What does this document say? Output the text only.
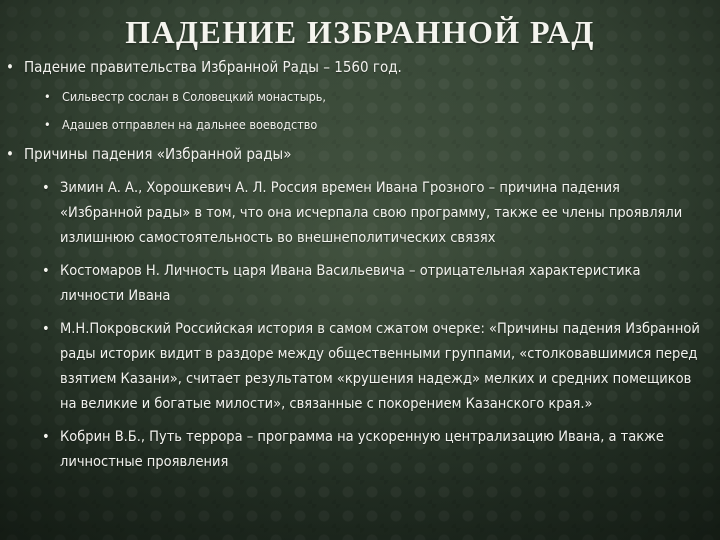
ПАДЕНИЕ ИЗБРАННОЙ РАД
• Падение правительства Избранной Рады – 1560 год.
• Сильвестр сослан в Соловецкий монастырь,
• Адашев отправлен на дальнее воеводство
• Причины падения «Избранной рады»
• Зимин А. А., Хорошкевич А. Л. Россия времен Ивана Грозного – причина падения «Избранной рады» в том, что она исчерпала свою программу, также ее члены проявляли излишнюю самостоятельность во внешнеполитических связях
• Костомаров Н. Личность царя Ивана Васильевича – отрицательная характеристика личности Ивана
• М.Н.Покровский Российская история в самом сжатом очерке: «Причины падения Избранной рады историк видит в раздоре между общественными группами, «столковавшимися перед взятием Казани», считает результатом «крушения надежд» мелких и средних помещиков на великие и богатые милости», связанные с покорением Казанского края.»
• Кобрин В.Б., Путь террора – программа на ускоренную централизацию Ивана, а также личностные проявления
